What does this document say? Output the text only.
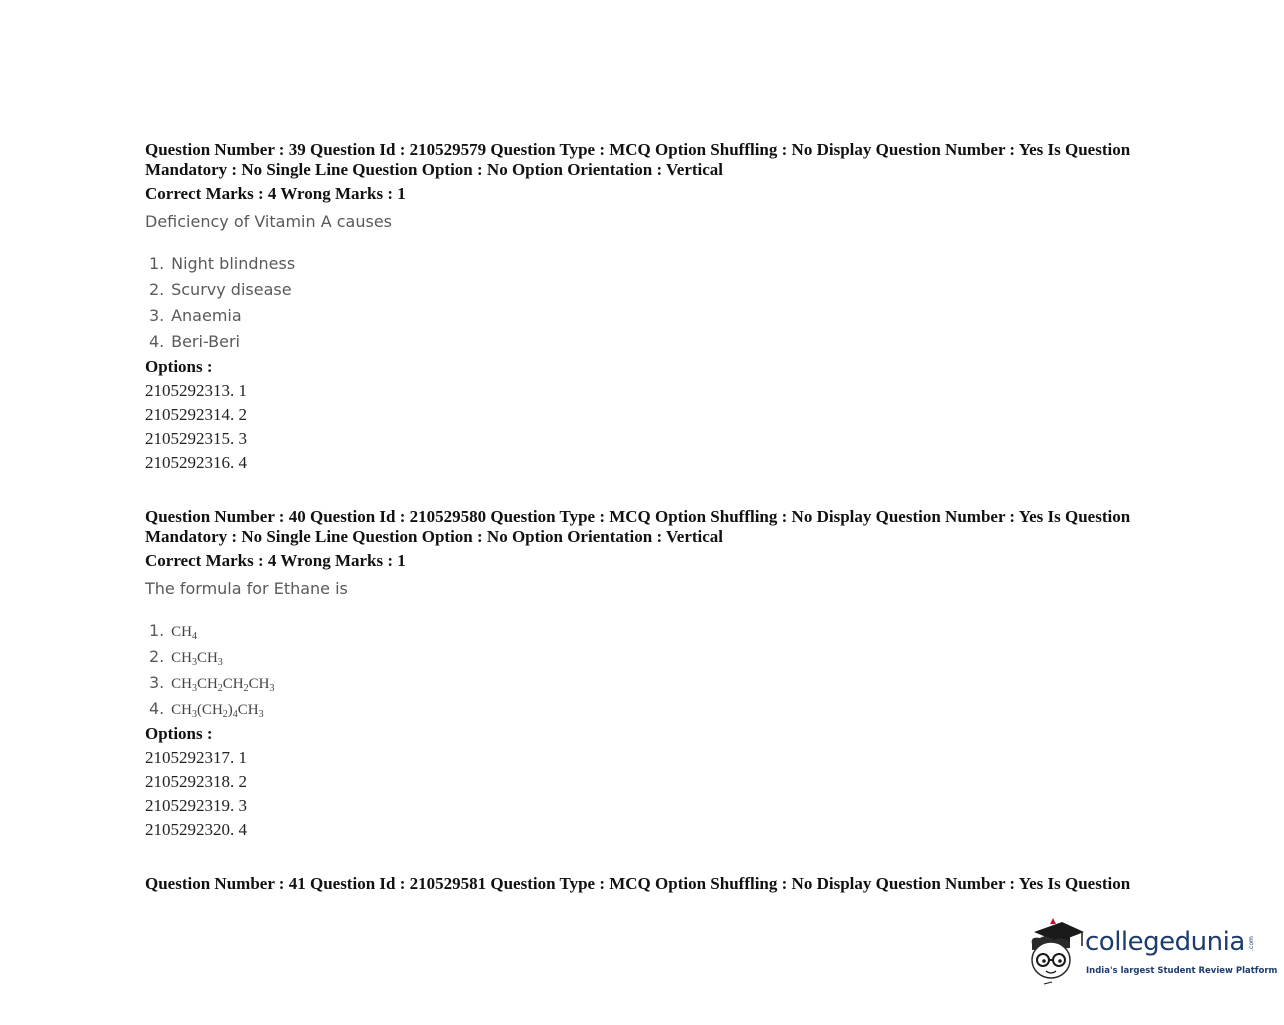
Question Number : 39 Question Id : 210529579 Question Type : MCQ Option Shuffling : No Display Question Number : Yes Is Question
Mandatory : No Single Line Question Option : No Option Orientation : Vertical
Correct Marks : 4 Wrong Marks : 1
Deficiency of Vitamin A causes
1. Night blindness
2. Scurvy disease
3. Anaemia
4. Beri-Beri
Options :
2105292313. 1
2105292314. 2
2105292315. 3
2105292316. 4
Question Number : 40 Question Id : 210529580 Question Type : MCQ Option Shuffling : No Display Question Number : Yes Is Question
Mandatory : No Single Line Question Option : No Option Orientation : Vertical
Correct Marks : 4 Wrong Marks : 1
The formula for Ethane is
1. $CH_4$
2. $CH_3CH_3$
3. $CH_3CH_2CH_2CH_3$
4. $CH_3(CH_2)_4CH_3$
Options :
2105292317. 1
2105292318. 2
2105292319. 3
2105292320. 4
Question Number : 41 Question Id : 210529581 Question Type : MCQ Option Shuffling : No Display Question Number : Yes Is Question
collegedunia .com
India's largest Student Review Platform
